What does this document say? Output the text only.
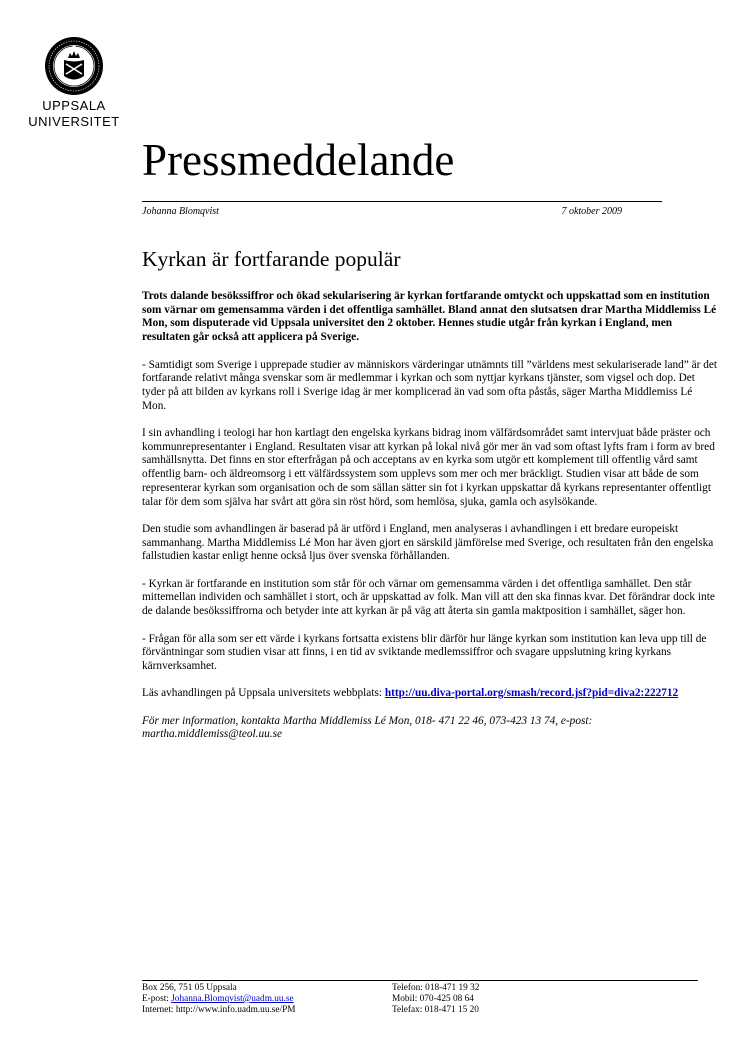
UPPSALA
UNIVERSITET
Pressmeddelande
Johanna Blomqvist	7 oktober 2009
Kyrkan är fortfarande populär

Trots dalande besökssiffror och ökad sekularisering är kyrkan fortfarande omtyckt och uppskattad som en institution som värnar om gemensamma värden i det offentliga samhället. Bland annat den slutsatsen drar Martha Middlemiss Lé Mon, som disputerade vid Uppsala universitet den 2 oktober. Hennes studie utgår från kyrkan i England, men resultaten går också att applicera på Sverige.

- Samtidigt som Sverige i upprepade studier av människors värderingar utnämnts till ”världens mest sekulariserade land” är det fortfarande relativt många svenskar som är medlemmar i kyrkan och som nyttjar kyrkans tjänster, som vigsel och dop. Det tyder på att bilden av kyrkans roll i Sverige idag är mer komplicerad än vad som ofta påstås, säger Martha Middlemiss Lé Mon.

I sin avhandling i teologi har hon kartlagt den engelska kyrkans bidrag inom välfärdsområdet samt intervjuat både präster och kommunrepresentanter i England. Resultaten visar att kyrkan på lokal nivå gör mer än vad som oftast lyfts fram i form av bred samhällsnytta. Det finns en stor efterfrågan på och acceptans av en kyrka som utgör ett komplement till offentlig vård samt offentlig barn- och äldreomsorg i ett välfärdssystem som upplevs som mer och mer bräckligt. Studien visar att både de som representerar kyrkan som organisation och de som sällan sätter sin fot i kyrkan uppskattar då kyrkans representanter offentligt talar för dem som själva har svårt att göra sin röst hörd, som hemlösa, sjuka, gamla och asylsökande.

Den studie som avhandlingen är baserad på är utförd i England, men analyseras i avhandlingen i ett bredare europeiskt sammanhang. Martha Middlemiss Lé Mon har även gjort en särskild jämförelse med Sverige, och resultaten från den engelska fallstudien kastar enligt henne också ljus över svenska förhållanden.

- Kyrkan är fortfarande en institution som står för och värnar om gemensamma värden i det offentliga samhället. Den står mittemellan individen och samhället i stort, och är uppskattad av folk. Man vill att den ska finnas kvar. Det förändrar dock inte de dalande besökssiffrorna och betyder inte att kyrkan är på väg att återta sin gamla maktposition i samhället, säger hon.

- Frågan för alla som ser ett värde i kyrkans fortsatta existens blir därför hur länge kyrkan som institution kan leva upp till de förväntningar som studien visar att finns, i en tid av sviktande medlemssiffror och svagare uppslutning kring kyrkans kärnverksamhet.

Läs avhandlingen på Uppsala universitets webbplats: http://uu.diva-portal.org/smash/record.jsf?pid=diva2:222712

För mer information, kontakta Martha Middlemiss Lé Mon, 018- 471 22 46, 073-423 13 74, e-post: martha.middlemiss@teol.uu.se

Box 256, 751 05 Uppsala
E-post: Johanna.Blomqvist@uadm.uu.se
Internet: http://www.info.uadm.uu.se/PM
Telefon: 018-471 19 32
Mobil: 070-425 08 64
Telefax: 018-471 15 20
